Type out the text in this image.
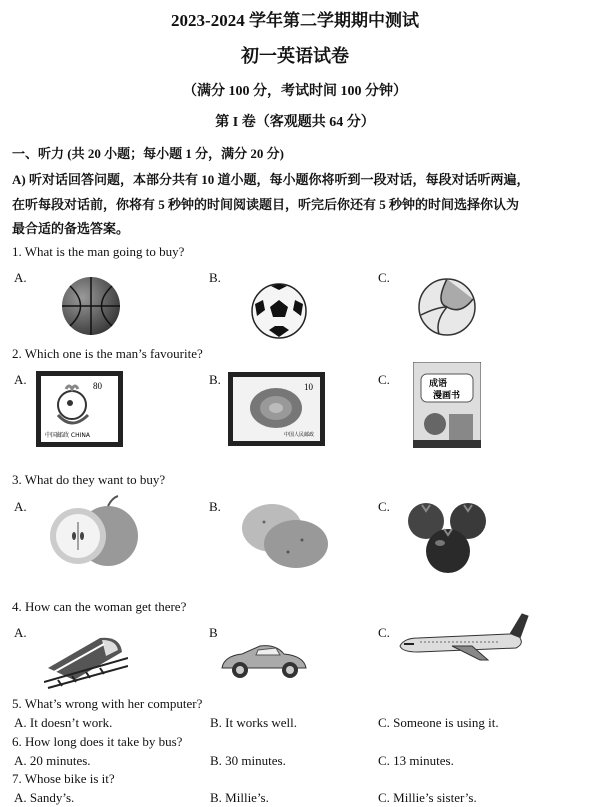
2023-2024 学年第二学期期中测试
初一英语试卷
（满分 100 分，考试时间 100 分钟）
第 I 卷（客观题共 64 分）
一、听力 (共 20 小题；每小题 1 分，满分 20 分)
A) 听对话回答问题，本部分共有 10 道小题，每小题你将听到一段对话，每段对话听两遍，
在听每段对话前，你将有 5 秒钟的时间阅读题目，听完后你还有 5 秒钟的时间选择你认为
最合适的备选答案。
1. What is the man going to buy?
A.	B.	C.
2. Which one is the man’s favourite?
A.	B.	C.
80
中国邮政 CHINA
10
中国人民邮政
成语
漫画书
3. What do they want to buy?
A.	B.	C.
4. How can the woman get there?
A.	B	C.
5. What’s wrong with her computer?
A. It doesn’t work.	B. It works well.	C. Someone is using it.
6. How long does it take by bus?
A. 20 minutes.	B. 30 minutes.	C. 13 minutes.
7. Whose bike is it?
A. Sandy’s.	B. Millie’s.	C. Millie’s sister’s.
